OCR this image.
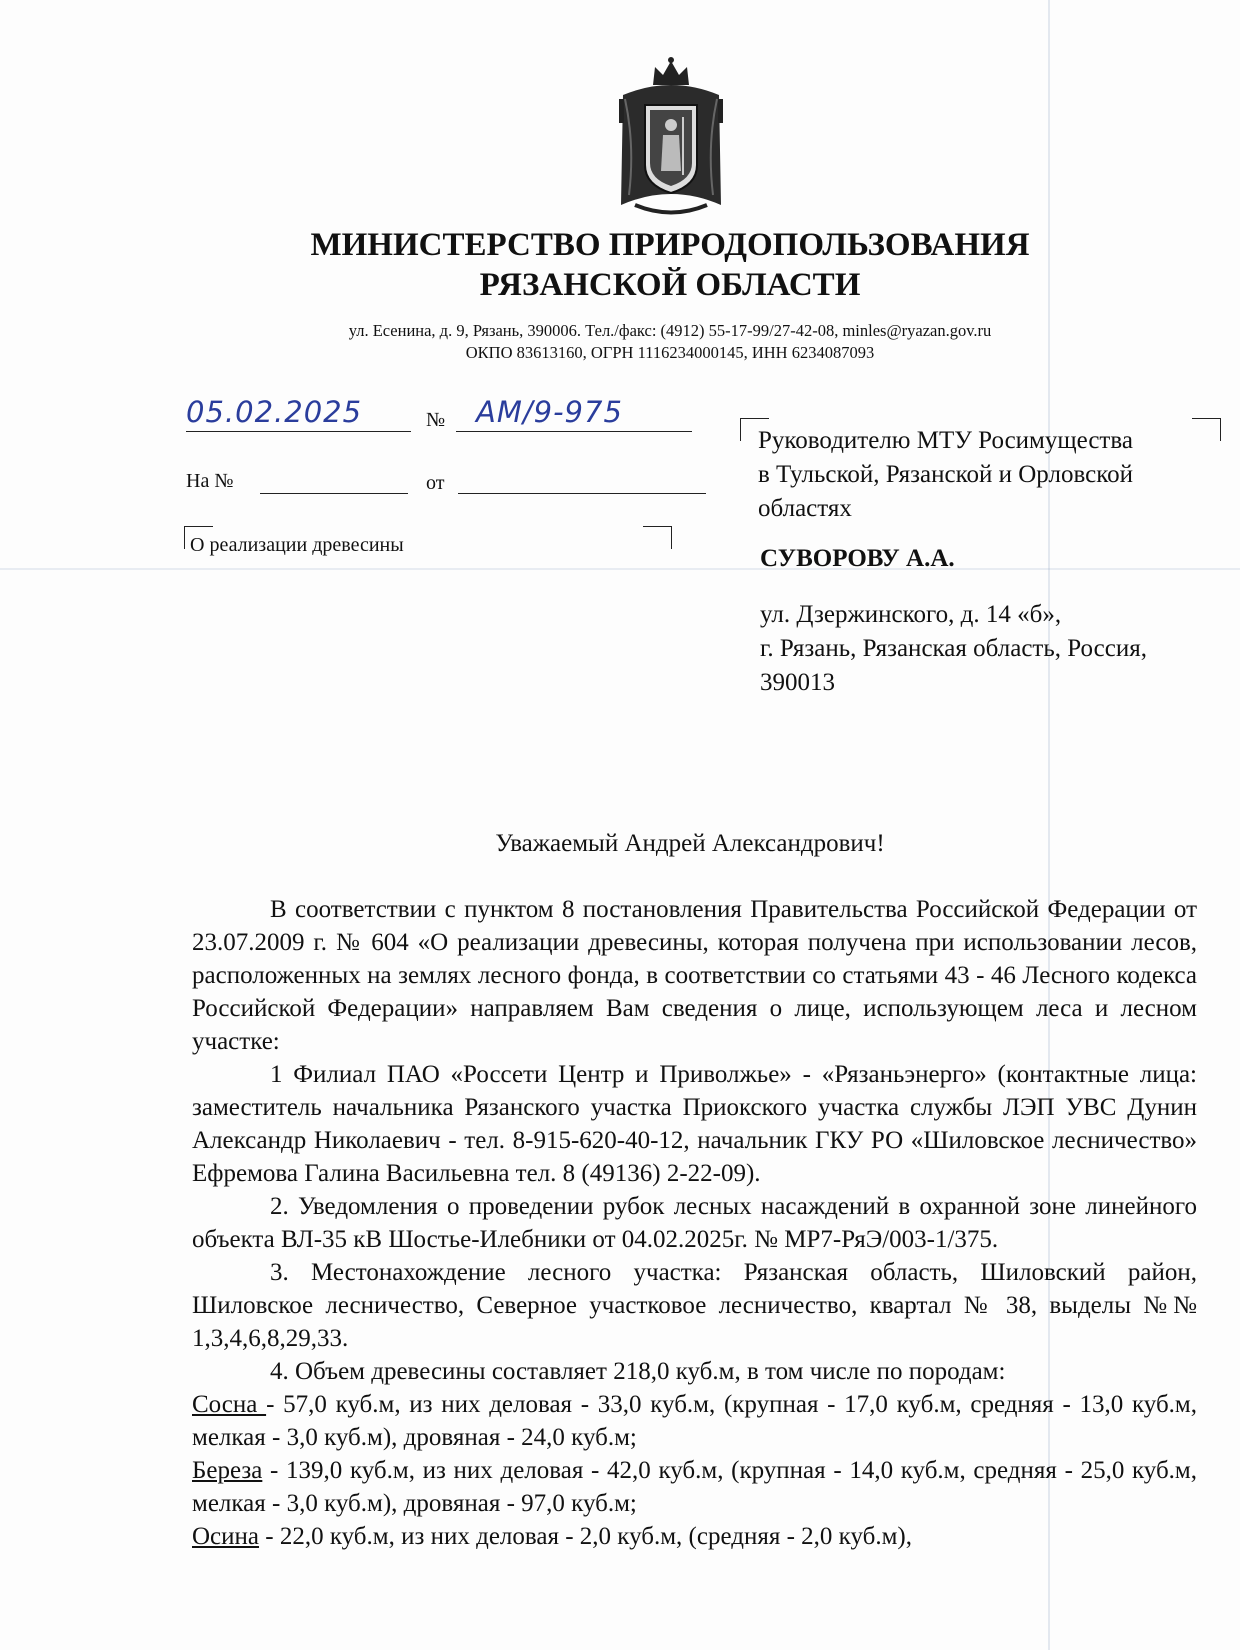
МИНИСТЕРСТВО ПРИРОДОПОЛЬЗОВАНИЯ
РЯЗАНСКОЙ ОБЛАСТИ
ул. Есенина, д. 9, Рязань, 390006. Тел./факс: (4912) 55-17-99/27-42-08, minles@ryazan.gov.ru
ОКПО 83613160, ОГРН 1116234000145, ИНН 6234087093
05.02.2025	№ АМ/9-975
На №	от
О реализации древесины
Руководителю МТУ Росимущества
в Тульской, Рязанской и Орловской
областях
СУВОРОВУ А.А.
ул. Дзержинского, д. 14 «б»,
г. Рязань, Рязанская область, Россия,
390013
Уважаемый Андрей Александрович!

В соответствии с пунктом 8 постановления Правительства Российской Федерации от 23.07.2009 г. № 604 «О реализации древесины, которая получена при использовании лесов, расположенных на землях лесного фонда, в соответствии со статьями 43 - 46 Лесного кодекса Российской Федерации» направляем Вам сведения о лице, использующем леса и лесном участке:

1 Филиал ПАО «Россети Центр и Приволжье» - «Рязаньэнерго» (контактные лица: заместитель начальника Рязанского участка Приокского участка службы ЛЭП УВС Дунин Александр Николаевич - тел. 8-915-620-40-12, начальник ГКУ РО «Шиловское лесничество» Ефремова Галина Васильевна тел. 8 (49136) 2-22-09).

2. Уведомления о проведении рубок лесных насаждений в охранной зоне линейного объекта ВЛ-35 кВ Шостье-Илебники от 04.02.2025г. № МР7-РяЭ/003-1/375.

3. Местонахождение лесного участка: Рязанская область, Шиловский район, Шиловское лесничество, Северное участковое лесничество, квартал № 38, выделы №№ 1,3,4,6,8,29,33.

4. Объем древесины составляет 218,0 куб.м, в том числе по породам:

Сосна - 57,0 куб.м, из них деловая - 33,0 куб.м, (крупная - 17,0 куб.м, средняя - 13,0 куб.м, мелкая - 3,0 куб.м), дровяная - 24,0 куб.м;

Береза - 139,0 куб.м, из них деловая - 42,0 куб.м, (крупная - 14,0 куб.м, средняя - 25,0 куб.м, мелкая - 3,0 куб.м), дровяная - 97,0 куб.м;

Осина - 22,0 куб.м, из них деловая - 2,0 куб.м, (средняя - 2,0 куб.м),
